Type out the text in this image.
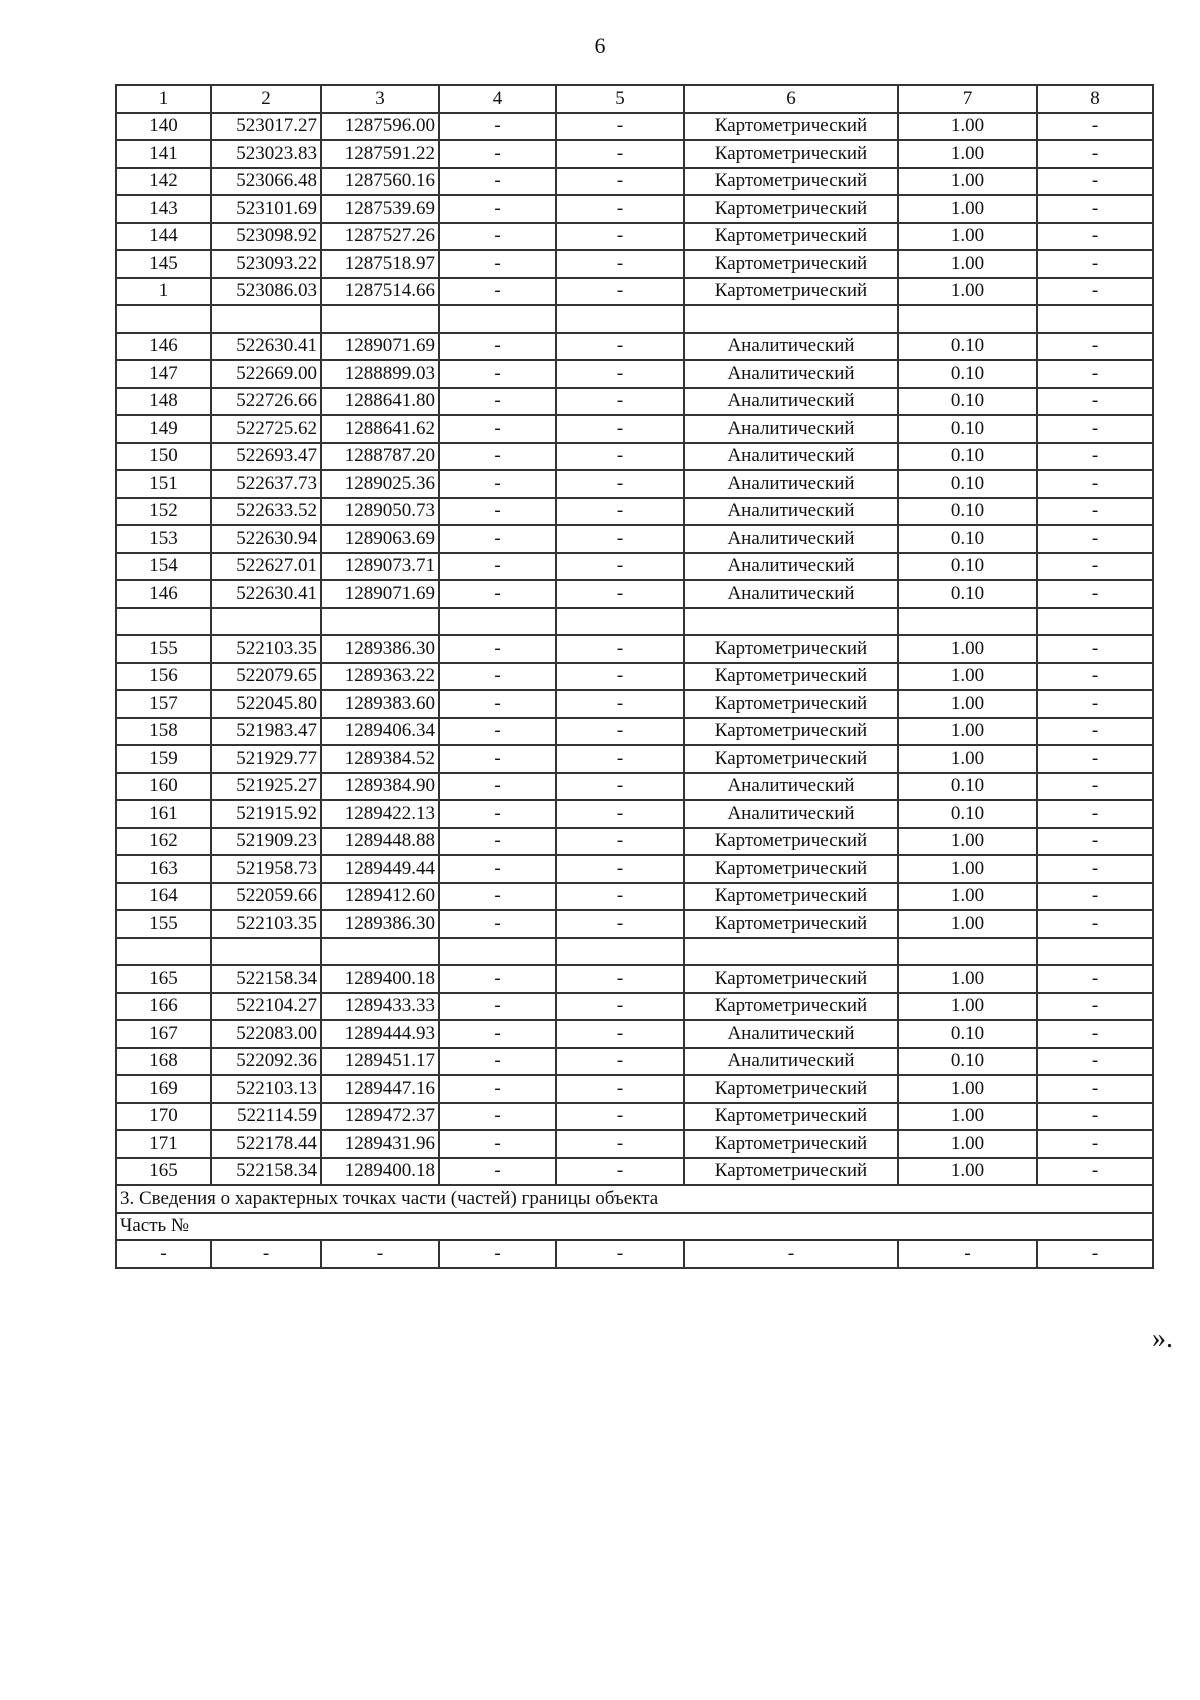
6
1	2	3	4	5	6	7	8
140	523017.27	1287596.00	-	-	Картометрический	1.00	-
141	523023.83	1287591.22	-	-	Картометрический	1.00	-
142	523066.48	1287560.16	-	-	Картометрический	1.00	-
143	523101.69	1287539.69	-	-	Картометрический	1.00	-
144	523098.92	1287527.26	-	-	Картометрический	1.00	-
145	523093.22	1287518.97	-	-	Картометрический	1.00	-
1	523086.03	1287514.66	-	-	Картометрический	1.00	-

146	522630.41	1289071.69	-	-	Аналитический	0.10	-
147	522669.00	1288899.03	-	-	Аналитический	0.10	-
148	522726.66	1288641.80	-	-	Аналитический	0.10	-
149	522725.62	1288641.62	-	-	Аналитический	0.10	-
150	522693.47	1288787.20	-	-	Аналитический	0.10	-
151	522637.73	1289025.36	-	-	Аналитический	0.10	-
152	522633.52	1289050.73	-	-	Аналитический	0.10	-
153	522630.94	1289063.69	-	-	Аналитический	0.10	-
154	522627.01	1289073.71	-	-	Аналитический	0.10	-
146	522630.41	1289071.69	-	-	Аналитический	0.10	-

155	522103.35	1289386.30	-	-	Картометрический	1.00	-
156	522079.65	1289363.22	-	-	Картометрический	1.00	-
157	522045.80	1289383.60	-	-	Картометрический	1.00	-
158	521983.47	1289406.34	-	-	Картометрический	1.00	-
159	521929.77	1289384.52	-	-	Картометрический	1.00	-
160	521925.27	1289384.90	-	-	Аналитический	0.10	-
161	521915.92	1289422.13	-	-	Аналитический	0.10	-
162	521909.23	1289448.88	-	-	Картометрический	1.00	-
163	521958.73	1289449.44	-	-	Картометрический	1.00	-
164	522059.66	1289412.60	-	-	Картометрический	1.00	-
155	522103.35	1289386.30	-	-	Картометрический	1.00	-

165	522158.34	1289400.18	-	-	Картометрический	1.00	-
166	522104.27	1289433.33	-	-	Картометрический	1.00	-
167	522083.00	1289444.93	-	-	Аналитический	0.10	-
168	522092.36	1289451.17	-	-	Аналитический	0.10	-
169	522103.13	1289447.16	-	-	Картометрический	1.00	-
170	522114.59	1289472.37	-	-	Картометрический	1.00	-
171	522178.44	1289431.96	-	-	Картометрический	1.00	-
165	522158.34	1289400.18	-	-	Картометрический	1.00	-
3. Сведения о характерных точках части (частей) границы объекта							
Часть №							
-	-	-	-	-	-	-	-
».
